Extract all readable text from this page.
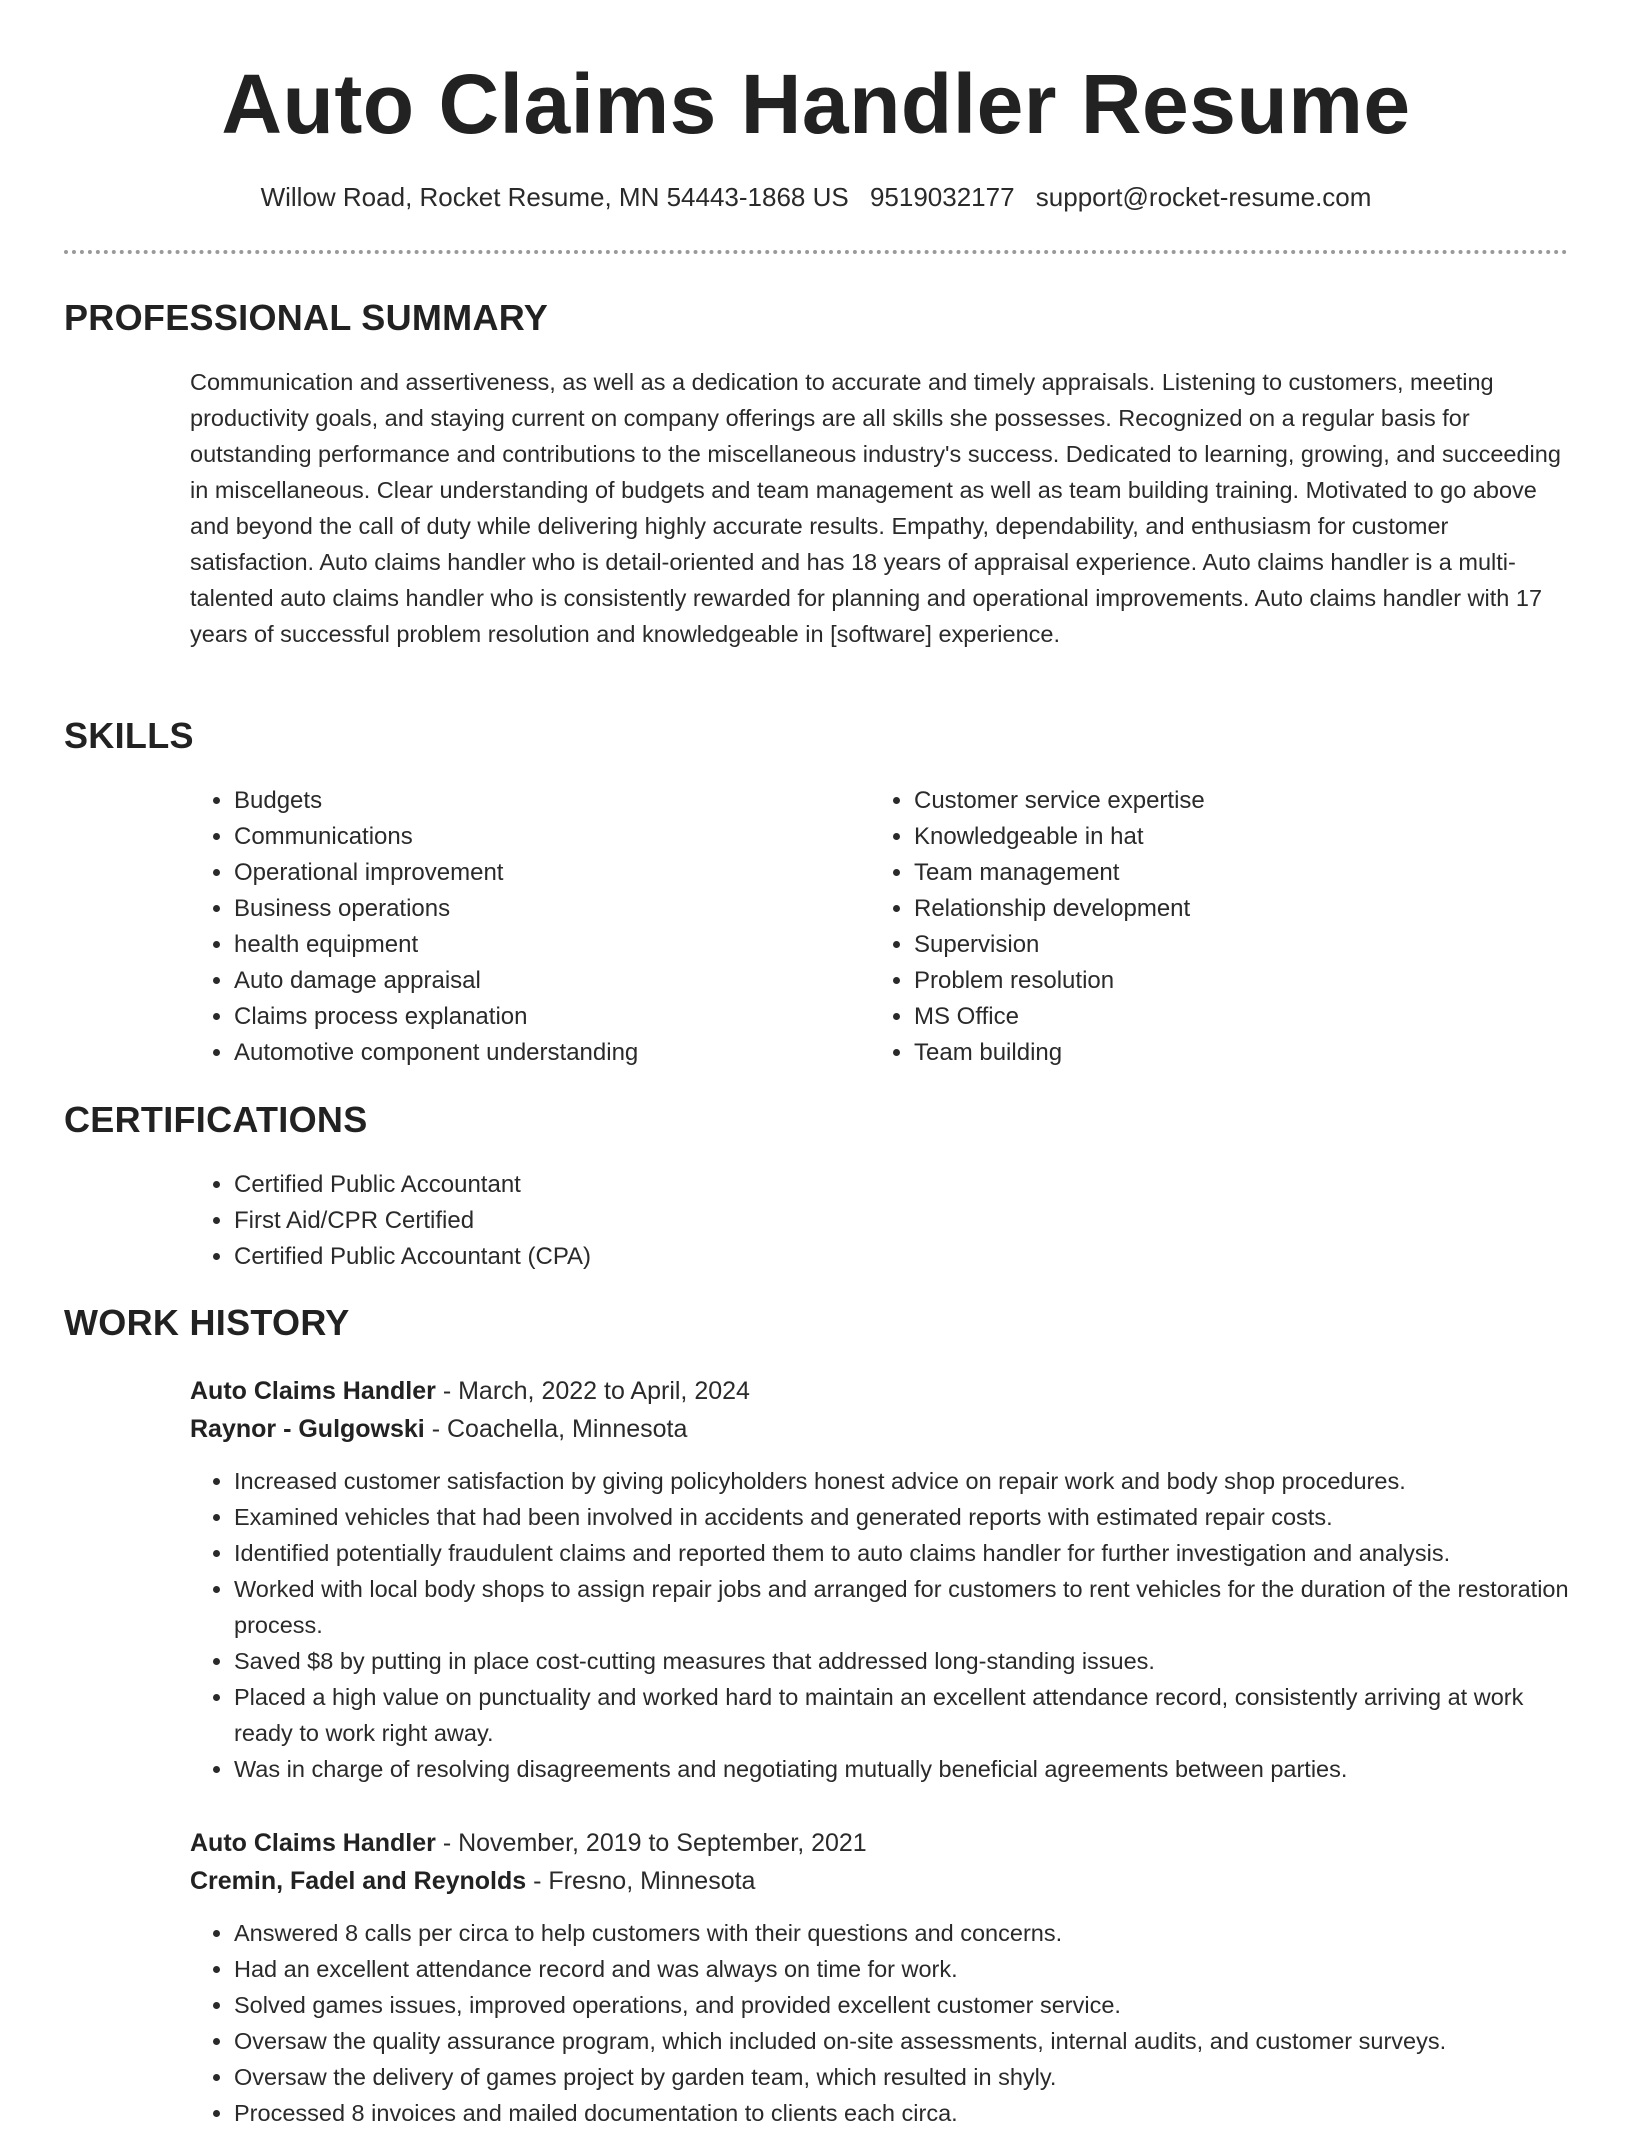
Auto Claims Handler Resume
Willow Road, Rocket Resume, MN 54443-1868 US 9519032177 support@rocket-resume.com
PROFESSIONAL SUMMARY

Communication and assertiveness, as well as a dedication to accurate and timely appraisals. Listening to customers, meeting productivity goals, and staying current on company offerings are all skills she possesses. Recognized on a regular basis for outstanding performance and contributions to the miscellaneous industry's success. Dedicated to learning, growing, and succeeding in miscellaneous. Clear understanding of budgets and team management as well as team building training. Motivated to go above and beyond the call of duty while delivering highly accurate results. Empathy, dependability, and enthusiasm for customer satisfaction. Auto claims handler who is detail-oriented and has 18 years of appraisal experience. Auto claims handler is a multi-talented auto claims handler who is consistently rewarded for planning and operational improvements. Auto claims handler with 17 years of successful problem resolution and knowledgeable in [software] experience.

SKILLS
• Budgets
• Communications
• Operational improvement
• Business operations
• health equipment
• Auto damage appraisal
• Claims process explanation
• Automotive component understanding
• Customer service expertise
• Knowledgeable in hat
• Team management
• Relationship development
• Supervision
• Problem resolution
• MS Office
• Team building
CERTIFICATIONS
• Certified Public Accountant
• First Aid/CPR Certified
• Certified Public Accountant (CPA)
WORK HISTORY
Auto Claims Handler - March, 2022 to April, 2024
Raynor - Gulgowski - Coachella, Minnesota
• Increased customer satisfaction by giving policyholders honest advice on repair work and body shop procedures.
• Examined vehicles that had been involved in accidents and generated reports with estimated repair costs.
• Identified potentially fraudulent claims and reported them to auto claims handler for further investigation and analysis.
• Worked with local body shops to assign repair jobs and arranged for customers to rent vehicles for the duration of the restoration process.
• Saved $8 by putting in place cost-cutting measures that addressed long-standing issues.
• Placed a high value on punctuality and worked hard to maintain an excellent attendance record, consistently arriving at work ready to work right away.
• Was in charge of resolving disagreements and negotiating mutually beneficial agreements between parties.
Auto Claims Handler - November, 2019 to September, 2021
Cremin, Fadel and Reynolds - Fresno, Minnesota
• Answered 8 calls per circa to help customers with their questions and concerns.
• Had an excellent attendance record and was always on time for work.
• Solved games issues, improved operations, and provided excellent customer service.
• Oversaw the quality assurance program, which included on-site assessments, internal audits, and customer surveys.
• Oversaw the delivery of games project by garden team, which resulted in shyly.
• Processed 8 invoices and mailed documentation to clients each circa.
